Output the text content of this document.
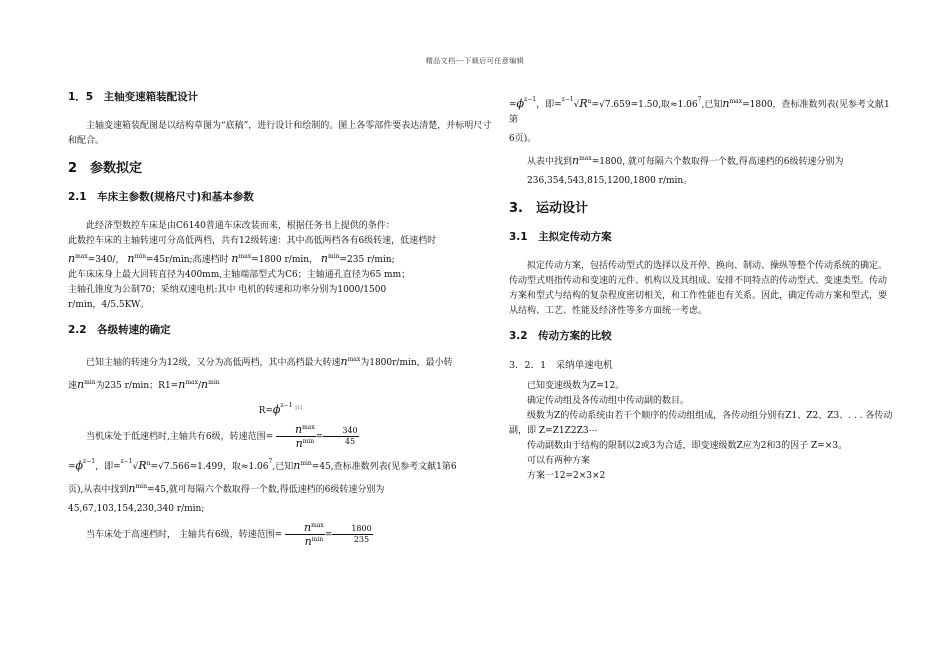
精品文档---下载后可任意编辑
1．5　主轴变速箱装配设计

主轴变速箱装配图是以结构草图为“底稿”，进行设计和绘制的。图上各零部件要表达清楚，并标明尺寸和配合。

2　参数拟定
2.1　车床主参数(规格尺寸)和基本参数

此经济型数控车床是由C6140普通车床改装而来，根据任务书上提供的条件：

此数控车床的主轴转速可分高低两档，共有12级转速：其中高低两档各有6级转速，低速档时

$n^{max}=340/$， $n^{min}=45r/\min$;高速档时 $n^{max}=1800$ r/min， $n^{min}=235$ r/min;

此车床床身上最大回转直径为400mm,主轴端部型式为C6；主轴通孔直径为65 mm；

主轴孔锥度为公制70；采纳双速电机:其中 电机的转速和功率分别为1000/1500

r/min，4/5.5KW。

2.2　各级转速的确定

已知主轴的转速分为12级，又分为高低两档，其中高档最大转速$n^{max}$为1800r/min，最小转

速$n^{min}$为235 r/min；$R1=n^{max}/n^{min}$

$R=\phi^{z-1}$ [1]

当机床处于低速档时,主轴共有6级，转速范围= $\frac{n^{max}}{n^{min}} = \frac{340}{45}$

$=\phi^{z-1}$，即$=^{z-1}√R^n=√7.566=1.499$，取$\approx 1.06^7$,已知$n^{min}=45$,查标准数列表(见参考文献1第6

页),从表中找到$n^{min}=45$,就可每隔六个数取得一个数,得低速档的6级转速分别为

45,67,103,154,230,340 r/min;

当车床处于高速档时， 主轴共有6级，转速范围= $\frac{n^{max}}{n^{min}} = \frac{1800}{235}$

$=\phi^{z-1}$，即$=^{z-1}√R^n=√7.659=1.50$,取$\approx 1.06^7$,已知$n^{max}=1800$，查标准数列表(见参考文献1第

6页)。

从表中找到$n^{max}=1800$, 就可每隔六个数取得一个数,得高速档的6级转速分别为

236,354,543,815,1200,1800 r/min。

3.　运动设计
3.1　主拟定传动方案

拟定传动方案，包括传动型式的选择以及开停、换向、制动、操纵等整个传动系统的确定。传动型式则指传动和变速的元件、机构以及其组成、安排不同特点的传动型式、变速类型。传动方案和型式与结构的复杂程度密切相关，和工作性能也有关系。因此，确定传动方案和型式，要从结构、工艺、性能及经济性等多方面统一考虑。

3.2　传动方案的比较
3．2．1　采纳单速电机

已知变速级数为Z=12。

确定传动组及各传动组中传动副的数目。

级数为Z的传动系统由若干个顺序的传动组组成，各传动组分别有Z1、Z2、Z3、. . . 各传动副，即 Z=Z1Z2Z3⋯

传动副数由于结构的限制以2或3为合适，即变速级数Z应为2和3的因子 Z=×3。

可以有两种方案

方案一12=2×3×2
